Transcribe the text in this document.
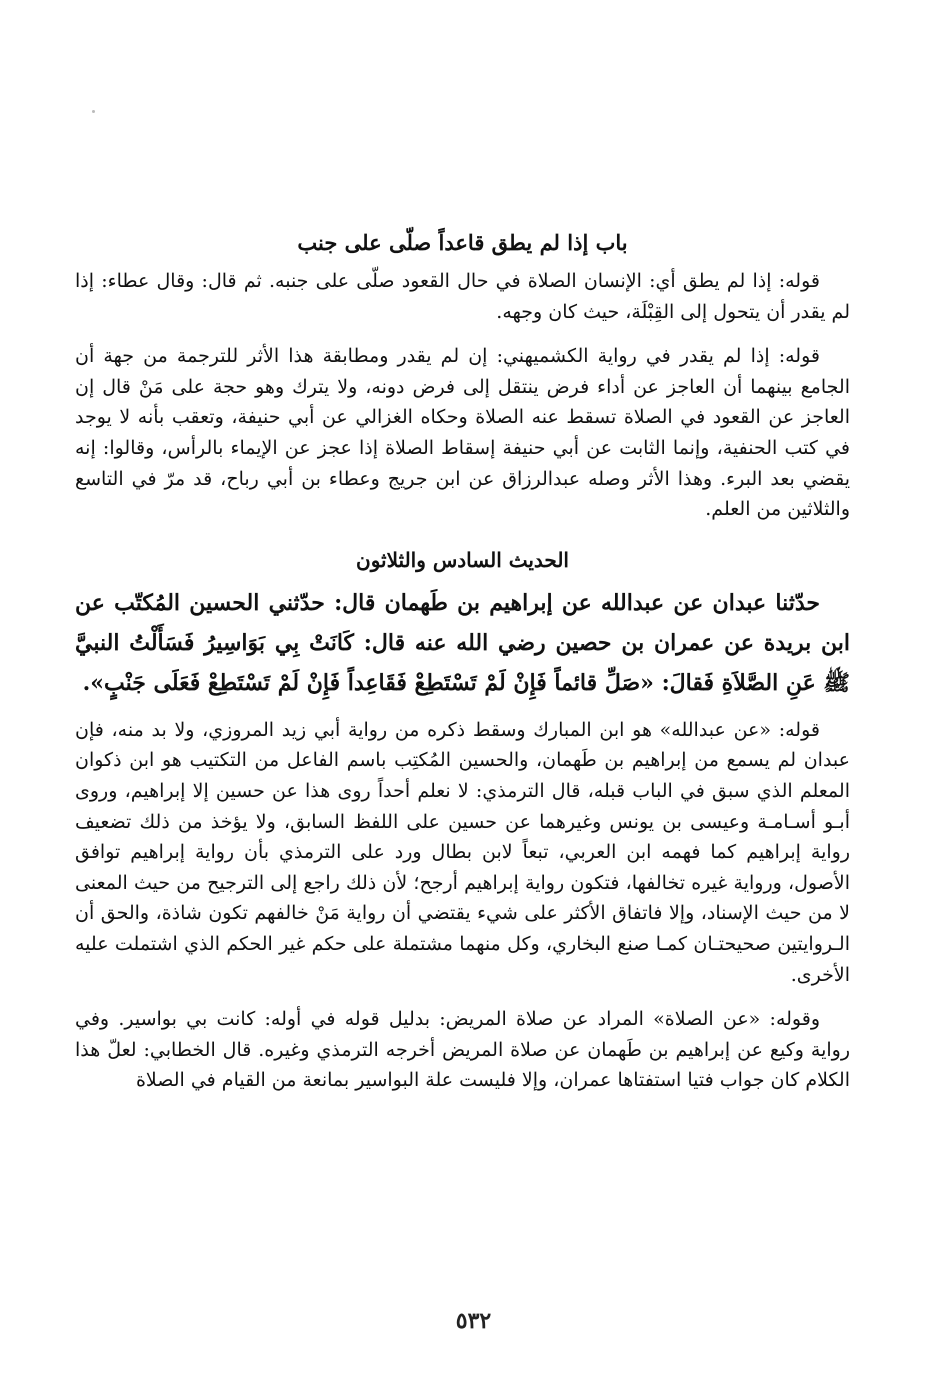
باب إذا لم يطق قاعداً صلّى على جنب

قوله: إذا لم يطق أي: الإنسان الصلاة في حال القعود صلّى على جنبه. ثم قال: وقال عطاء: إذا لم يقدر أن يتحول إلى القِبْلَة، حيث كان وجهه.

قوله: إذا لم يقدر في رواية الكشميهني: إن لم يقدر ومطابقة هذا الأثر للترجمة من جهة أن الجامع بينهما أن العاجز عن أداء فرض ينتقل إلى فرض دونه، ولا يترك وهو حجة على مَنْ قال إن العاجز عن القعود في الصلاة تسقط عنه الصلاة وحكاه الغزالي عن أبي حنيفة، وتعقب بأنه لا يوجد في كتب الحنفية، وإنما الثابت عن أبي حنيفة إسقاط الصلاة إذا عجز عن الإيماء بالرأس، وقالوا: إنه يقضي بعد البرء. وهذا الأثر وصله عبدالرزاق عن ابن جريج وعطاء بن أبي رباح، قد مرّ في التاسع والثلاثين من العلم.

الحديث السادس والثلاثون

حدّثنا عبدان عن عبدالله عن إبراهيم بن طَهمان قال: حدّثني الحسين المُكتّب عن ابن بريدة عن عمران بن حصين رضي الله عنه قال: كَانَتْ بِي بَوَاسِيرُ فَسَأَلْتُ النبيَّ ﷺ عَنِ الصَّلاَةِ فَقالَ: «صَلِّ قائماً فَإِنْ لَمْ تَسْتَطِعْ فَقَاعِداً فَإِنْ لَمْ تَسْتَطِعْ فَعَلَى جَنْبٍ».

قوله: «عن عبدالله» هو ابن المبارك وسقط ذكره من رواية أبي زيد المروزي، ولا بد منه، فإن عبدان لم يسمع من إبراهيم بن طَهمان، والحسين المُكتِب باسم الفاعل من التكتيب هو ابن ذكوان المعلم الذي سبق في الباب قبله، قال الترمذي: لا نعلم أحداً روى هذا عن حسين إلا إبراهيم، وروى أبـو أسـامـة وعيسى بن يونس وغيرهما عن حسين على اللفظ السابق، ولا يؤخذ من ذلك تضعيف رواية إبراهيم كما فهمه ابن العربي، تبعاً لابن بطال ورد على الترمذي بأن رواية إبراهيم توافق الأصول، ورواية غيره تخالفها، فتكون رواية إبراهيم أرجح؛ لأن ذلك راجع إلى الترجيح من حيث المعنى لا من حيث الإسناد، وإلا فاتفاق الأكثر على شيء يقتضي أن رواية مَنْ خالفهم تكون شاذة، والحق أن الـروايتين صحيحتـان كمـا صنع البخاري، وكل منهما مشتملة على حكم غير الحكم الذي اشتملت عليه الأخرى.

وقوله: «عن الصلاة» المراد عن صلاة المريض: بدليل قوله في أوله: كانت بي بواسير. وفي رواية وكيع عن إبراهيم بن طَهمان عن صلاة المريض أخرجه الترمذي وغيره. قال الخطابي: لعلّ هذا الكلام كان جواب فتيا استفتاها عمران، وإلا فليست علة البواسير بمانعة من القيام في الصلاة

٥٣٢
